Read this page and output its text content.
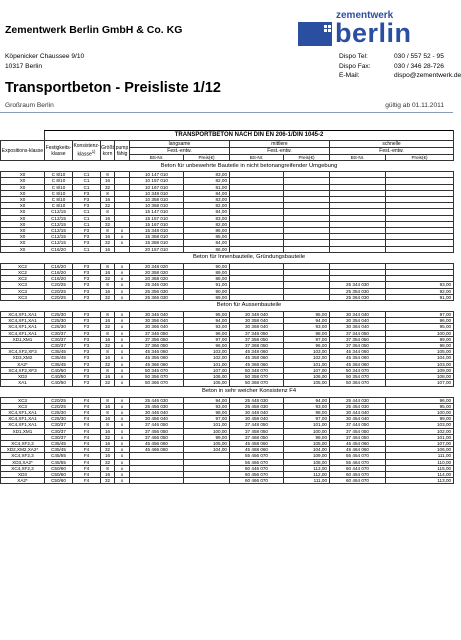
Zementwerk Berlin GmbH & Co. KG
zementwerk
berlin
Köpenicker Chaussee 9/10
10317 Berlin
Dispo Tel:	030 / 557 52 - 95
Dispo Fax:	030 / 346 28-726
E-Mail:	dispo@zementwerk.de
Transportbeton - Preisliste 1/12
Großraum Berlin	gültig ab 01.11.2011
	TRANSPORTBETON NACH DIN EN 206-1/DIN 1045-2									
Expositions-klasse	Festigkeits-klasse	Konsistenz-klasse$^{1)}$	Größt korn	pump fähig	langsame		mittlere		schnelle	
					Fest.-entw.		Fest.-entw.		Fest.-entw.	
					BS-Nr.	Preis(€)	BS-Nr.	Preis(€)	BS-Nr.	Preis(€)
	Beton für unbewehrte Bauteile in nicht betonangreifender Umgebung									
X0	C 8/10	C1	8		10 147 010	83,00				
X0	C 8/10	C1	16		10 157 010	82,00				
X0	C 8/10	C1	32		10 167 010	81,00				
X0	C 8/10	F3	8		10 348 010	84,00				
X0	C 8/10	F3	16		10 358 010	83,00				
X0	C 8/10	F3	32		10 368 010	82,00				
X0	C12/15	C1	8		15 147 010	84,00				
X0	C12/15	C1	16		15 157 010	83,00				
X0	C12/15	C1	32		15 167 010	82,00				
X0	C12/15	F3	8	x	15 348 010	86,00				
X0	C12/15	F3	16	x	15 358 010	85,00				
X0	C12/15	F3	32	x	15 368 010	84,00				
X0	C16/20	C1	16		20 157 010	86,00				
	Beton für Innenbauteile, Gründungsbauteile									
XC2	C16/20	F3	8	x	20 348 020	90,00				
XC2	C16/20	F3	16	x	20 358 020	89,00				
XC2	C16/20	F3	32	x	20 368 020	88,00				
XC3	C20/25	F3	8	x	25 346 030	91,00			25 344 030	93,00
XC3	C20/25	F3	16	x	25 356 030	90,00			25 354 030	92,00
XC3	C20/25	F3	32	x	25 366 030	89,00			25 364 030	91,00
	Beton für Aussenbauteile									
XC4,XF1,XA1	C25/30	F3	8	x	30 346 040	95,00	30 348 040	95,00	30 344 040	97,00
XC4,XF1,XA1	C25/30	F3	16	x	30 356 040	94,00	30 358 040	94,00	30 354 040	96,00
XC4,XF1,XA1	C25/30	F3	32	x	30 366 040	93,00	30 368 040	93,00	30 364 040	95,00
XC4,XF1,XA1	C30/37	F3	8	x	37 346 050	96,00	37 348 050	98,00	37 344 050	100,00
XD1,XM1	C30/37	F3	16	x	37 356 050	97,00	37 358 050	97,00	37 354 050	99,00
	C30/37	F3	32	x	37 366 050	96,00	37 368 050	96,00	37 364 050	98,00
XC4,XF2,XF3	C35/45	F3	8	x	45 346 060	103,00	45 348 060	103,00	45 344 060	105,00
XD3,XM2	C35/45	F3	16	x	45 356 060	102,00	45 358 060	102,00	45 354 060	104,00
XA2*	C35/45	F3	32	x	45 366 060	101,00	45 368 060	101,00	45 364 060	103,00
XC4,XF2,XF3	C40/50	F3	8	x	50 346 070	107,00	50 348 070	107,00	50 344 070	109,00
XD3	C40/50	F3	16	x	50 356 070	106,00	50 358 070	106,00	50 354 070	108,00
XA1	C40/50	F3	32	x	50 366 070	105,00	50 368 070	105,00	50 364 070	107,00
	Beton in sehr weicher Konsistenz F4									
XC3	C20/25	F4	8	x	25 446 030	94,00	25 448 030	94,00	25 444 030	96,00
XC3	C20/25	F4	16	x	25 456 030	93,00	25 458 030	93,00	25 454 030	95,00
XC4,XF1,XA1	C25/30	F4	8	x	30 446 040	98,00	30 448 040	98,00	30 444 040	100,00
XC4,XF1,XA1	C25/30	F4	16	x	30 456 040	97,00	30 458 040	97,00	30 454 040	99,00
XC4,XF1,XA1	C30/37	F4	8	x	37 446 050	101,00	37 448 050	101,00	37 444 050	103,00
XD1,XM1	C30/37	F4	16	x	37 456 050	100,00	37 458 050	100,00	37 454 050	102,00
	C30/37	F4	32	x	37 466 050	99,00	37 468 050	99,00	37 464 050	101,00
XC4,XF2,3	C35/45	F4	16	x	45 456 060	105,00	45 458 060	105,00	45 454 060	107,00
XD2,XM2,XA2*	C35/45	F4	32	x	45 466 060	104,00	45 468 060	104,00	45 464 060	106,00
XC4,XF2,3	C45/55	F4	16	x			55 456 070	109,00	55 454 070	111,00
XD3,XA2*	C45/55	F4	32	x			55 466 070	108,00	55 464 070	110,00
XC4,XF2,3	C50/60	F4	8	x			60 446 070	113,00	60 444 070	115,00
XD3	C50/60	F4	16	x			60 456 070	112,00	60 454 070	114,00
XA2*	C50/60	F4	32	x			60 466 070	111,00	60 464 070	113,00
